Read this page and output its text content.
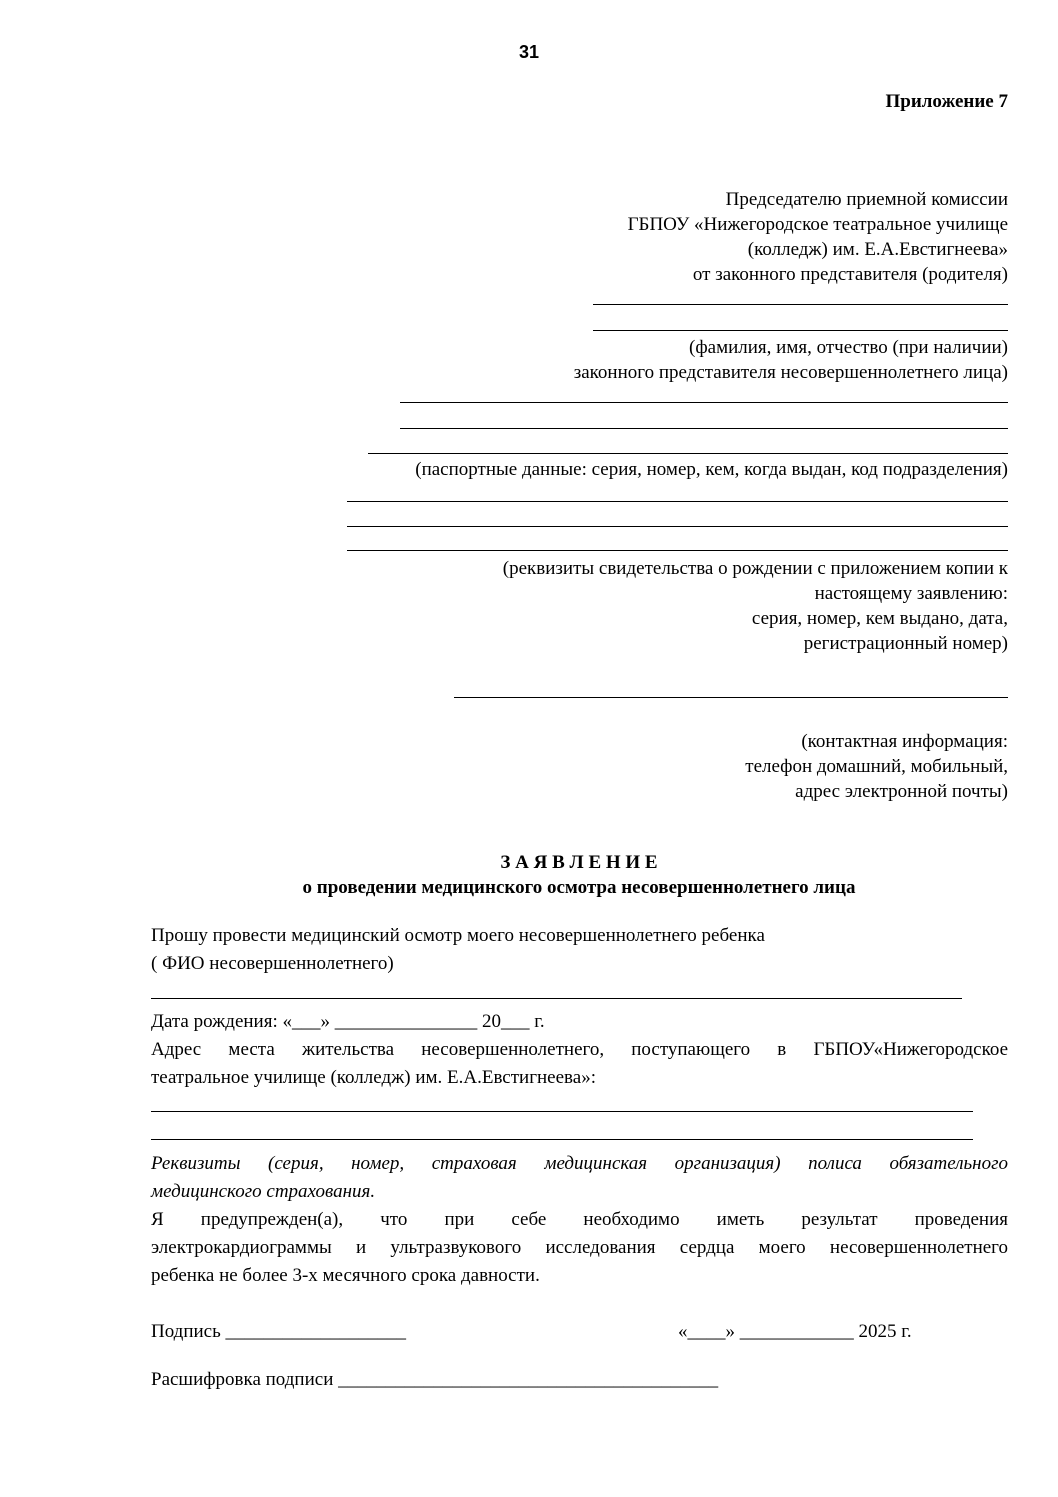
31
Приложение 7
Председателю приемной комиссии
ГБПОУ «Нижегородское театральное училище
(колледж) им. Е.А.Евстигнеева»
от законного представителя (родителя)
(фамилия, имя, отчество (при наличии)
законного представителя несовершеннолетнего лица)
(паспортные данные: серия, номер, кем, когда выдан, код подразделения)
(реквизиты свидетельства о рождении с приложением копии к
настоящему заявлению:
серия, номер, кем выдано, дата,
регистрационный номер)
(контактная информация:
телефон домашний, мобильный,
адрес электронной почты)
З А Я В Л Е Н И Е
о проведении медицинского осмотра несовершеннолетнего лица
Прошу провести медицинский осмотр моего несовершеннолетнего ребенка
( ФИО несовершеннолетнего)
Дата рождения: «___» _______________ 20___ г.
Адрес места жительства несовершеннолетнего, поступающего в ГБПОУ«Нижегородское
театральное училище (колледж) им. Е.А.Евстигнеева»:
Реквизиты (серия, номер, страховая медицинская организация) полиса обязательного
медицинского страхования.
Я предупрежден(а), что при себе необходимо иметь результат проведения
электрокардиограммы и ультразвукового исследования сердца моего несовершеннолетнего
ребенка не более 3-х месячного срока давности.
Подпись ___________________	«____» ____________ 2025 г.
Расшифровка подписи ________________________________________
